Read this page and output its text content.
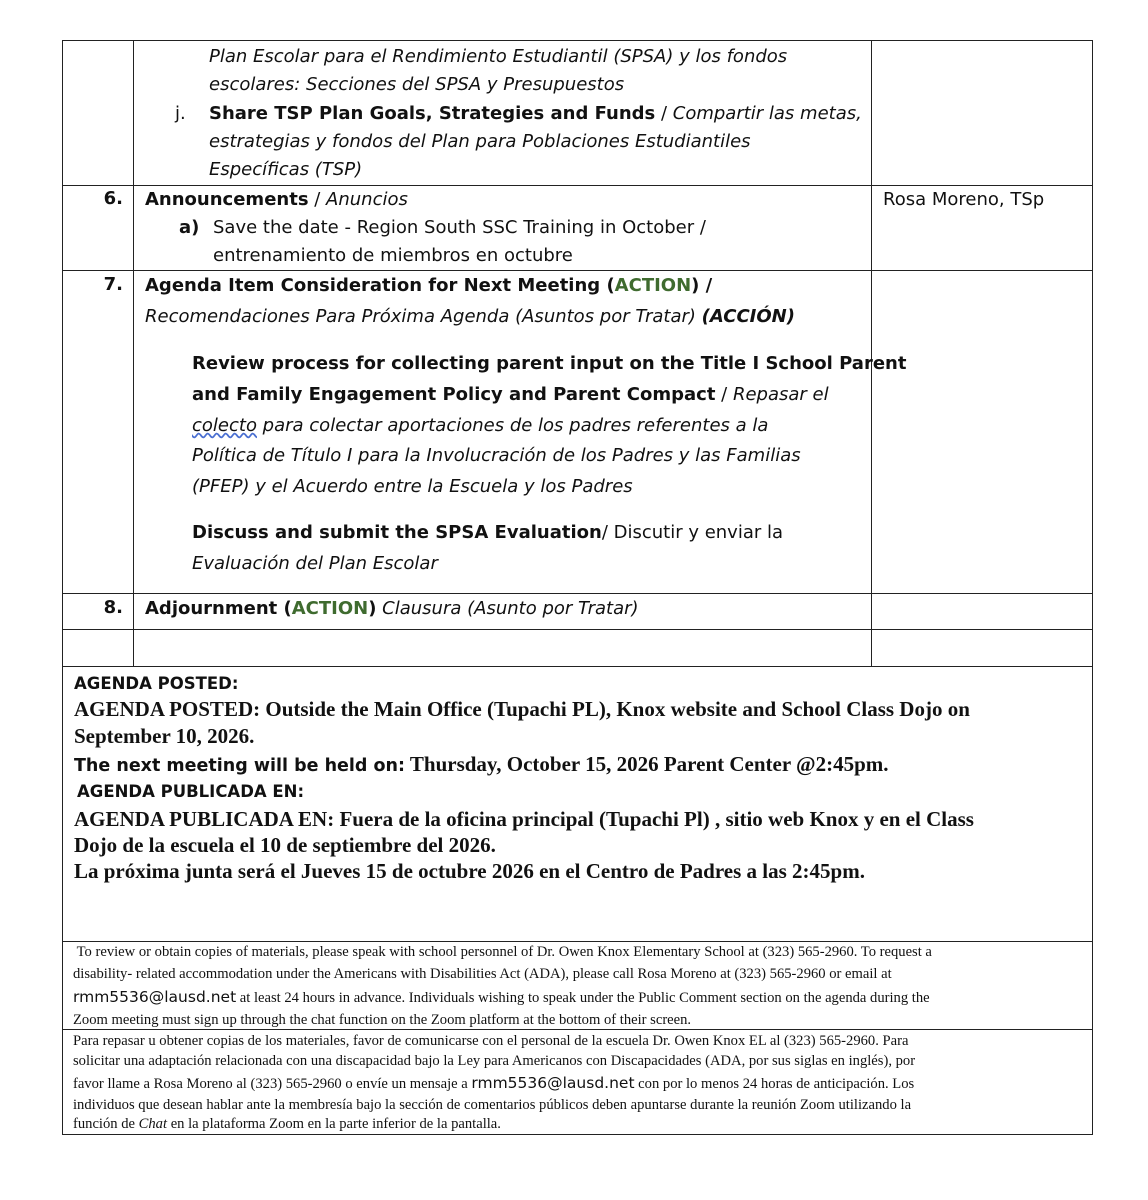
Plan Escolar para el Rendimiento Estudiantil (SPSA) y los fondos
escolares: Secciones del SPSA y Presupuestos
j. Share TSP Plan Goals, Strategies and Funds / Compartir las metas,
estrategias y fondos del Plan para Poblaciones Estudiantiles
Específicas (TSP)
6. Announcements / Anuncios
a) Save the date - Region South SSC Training in October /
entrenamiento de miembros en octubre
Rosa Moreno, TSp
7. Agenda Item Consideration for Next Meeting (ACTION) /
Recomendaciones Para Próxima Agenda (Asuntos por Tratar) (ACCIÓN)
Review process for collecting parent input on the Title I School Parent
and Family Engagement Policy and Parent Compact / Repasar el
colecto para colectar aportaciones de los padres referentes a la
Política de Título I para la Involucración de los Padres y las Familias
(PFEP) y el Acuerdo entre la Escuela y los Padres
Discuss and submit the SPSA Evaluation/ Discutir y enviar la
Evaluación del Plan Escolar
8. Adjournment (ACTION) Clausura (Asunto por Tratar)
AGENDA POSTED:
AGENDA POSTED: Outside the Main Office (Tupachi PL), Knox website and School Class Dojo on
September 10, 2026.
The next meeting will be held on: Thursday, October 15, 2026 Parent Center @2:45pm.
AGENDA PUBLICADA EN:
AGENDA PUBLICADA EN: Fuera de la oficina principal (Tupachi Pl) , sitio web Knox y en el Class
Dojo de la escuela el 10 de septiembre del 2026.
La próxima junta será el Jueves 15 de octubre 2026 en el Centro de Padres a las 2:45pm.
To review or obtain copies of materials, please speak with school personnel of Dr. Owen Knox Elementary School at (323) 565-2960. To request a
disability- related accommodation under the Americans with Disabilities Act (ADA), please call Rosa Moreno at (323) 565-2960 or email at
rmm5536@lausd.net at least 24 hours in advance. Individuals wishing to speak under the Public Comment section on the agenda during the
Zoom meeting must sign up through the chat function on the Zoom platform at the bottom of their screen.
Para repasar u obtener copias de los materiales, favor de comunicarse con el personal de la escuela Dr. Owen Knox EL al (323) 565-2960. Para
solicitar una adaptación relacionada con una discapacidad bajo la Ley para Americanos con Discapacidades (ADA, por sus siglas en inglés), por
favor llame a Rosa Moreno al (323) 565-2960 o envíe un mensaje a rmm5536@lausd.net con por lo menos 24 horas de anticipación. Los
individuos que desean hablar ante la membresía bajo la sección de comentarios públicos deben apuntarse durante la reunión Zoom utilizando la
función de Chat en la plataforma Zoom en la parte inferior de la pantalla.
